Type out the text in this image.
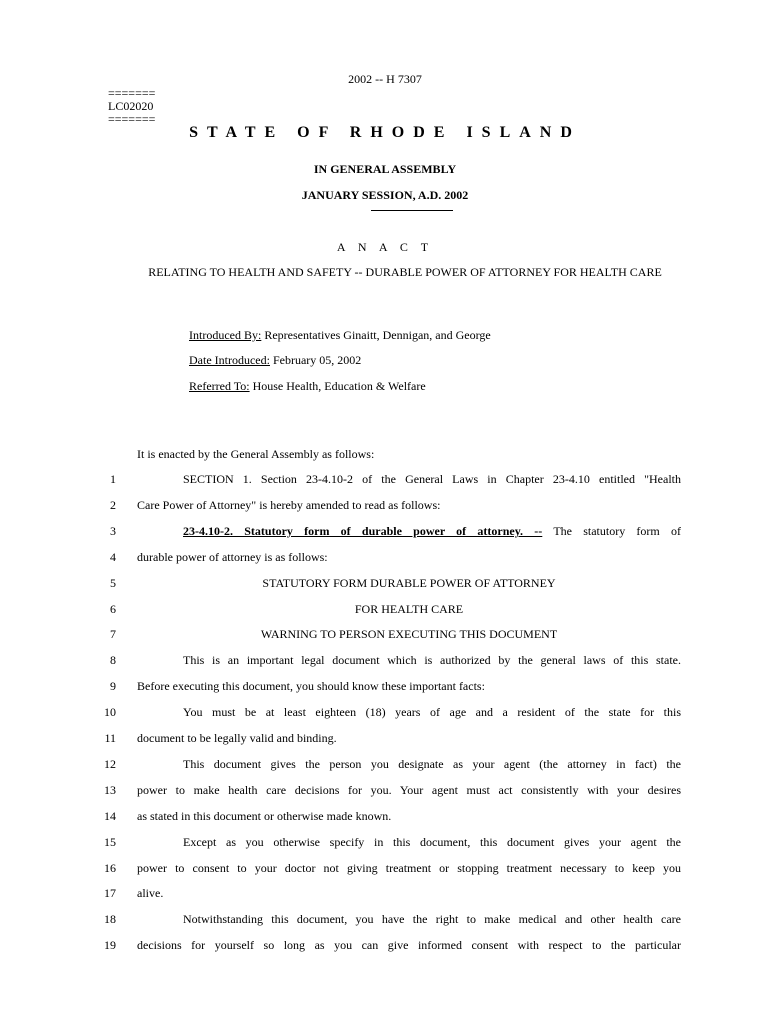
2002 -- H 7307
=======
LC02020
=======
STATE OF RHODE ISLAND
IN GENERAL ASSEMBLY
JANUARY SESSION, A.D. 2002
A N A C T
RELATING TO HEALTH AND SAFETY -- DURABLE POWER OF ATTORNEY FOR HEALTH CARE
Introduced By: Representatives Ginaitt, Dennigan, and George
Date Introduced: February 05, 2002
Referred To: House Health, Education & Welfare
It is enacted by the General Assembly as follows:
1	SECTION 1. Section 23-4.10-2 of the General Laws in Chapter 23-4.10 entitled "Health
2 Care Power of Attorney" is hereby amended to read as follows:
3	23-4.10-2. Statutory form of durable power of attorney. -- The statutory form of
4 durable power of attorney is as follows:
5	STATUTORY FORM DURABLE POWER OF ATTORNEY
6	FOR HEALTH CARE
7	WARNING TO PERSON EXECUTING THIS DOCUMENT
8	This is an important legal document which is authorized by the general laws of this state.
9 Before executing this document, you should know these important facts:
10	You must be at least eighteen (18) years of age and a resident of the state for this
11 document to be legally valid and binding.
12	This document gives the person you designate as your agent (the attorney in fact) the
13 power to make health care decisions for you. Your agent must act consistently with your desires
14 as stated in this document or otherwise made known.
15	Except as you otherwise specify in this document, this document gives your agent the
16 power to consent to your doctor not giving treatment or stopping treatment necessary to keep you
17 alive.
18	Notwithstanding this document, you have the right to make medical and other health care
19 decisions for yourself so long as you can give informed consent with respect to the particular
